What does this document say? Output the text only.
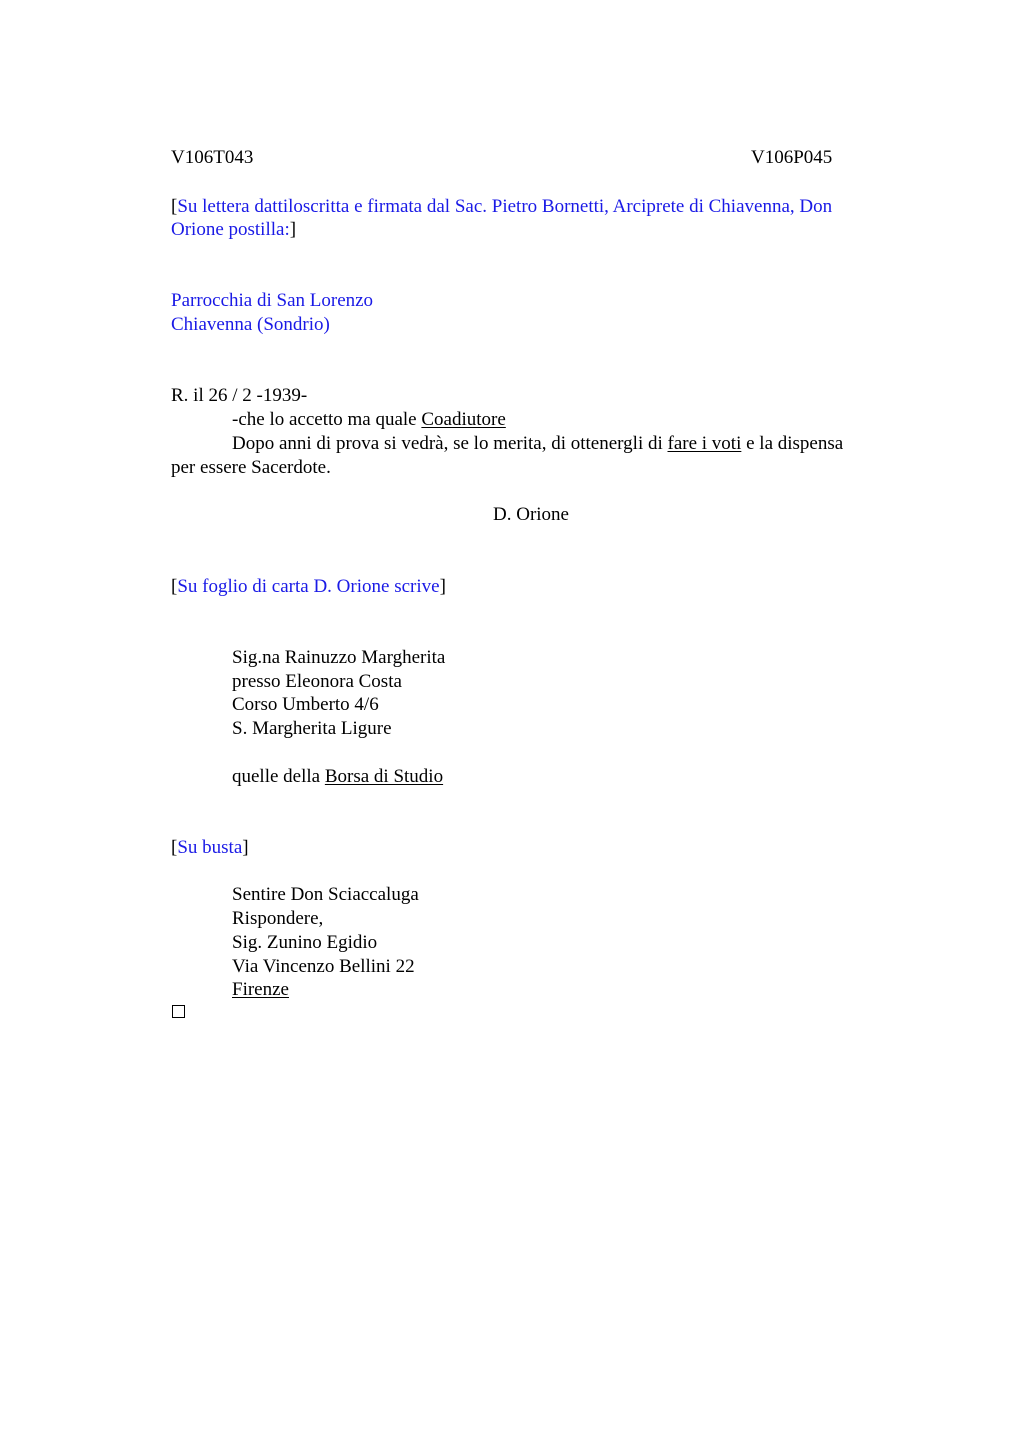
V106T043	V106P045
[Su lettera dattiloscritta e firmata dal Sac. Pietro Bornetti, Arciprete di Chiavenna, Don
Orione postilla:]
Parrocchia di San Lorenzo
Chiavenna (Sondrio)
R. il 26 / 2 -1939-
-che lo accetto ma quale Coadiutore
Dopo anni di prova si vedrà, se lo merita, di ottenergli di fare i voti e la dispensa
per essere Sacerdote.
D. Orione
[Su foglio di carta D. Orione scrive]
Sig.na Rainuzzo Margherita
presso Eleonora Costa
Corso Umberto 4/6
S. Margherita Ligure
quelle della Borsa di Studio
[Su busta]
Sentire Don Sciaccaluga
Rispondere,
Sig. Zunino Egidio
Via Vincenzo Bellini 22
Firenze
